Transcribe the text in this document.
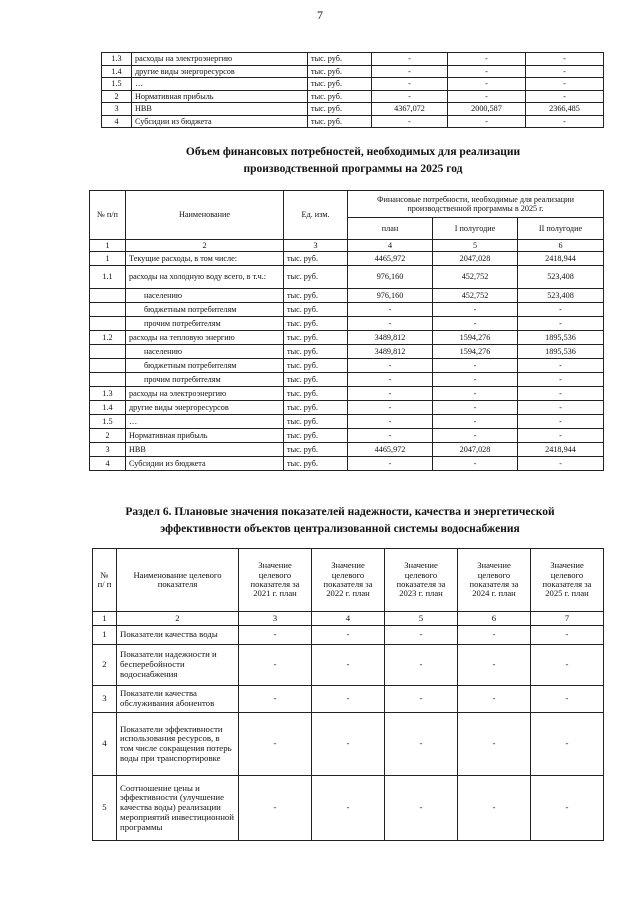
7
1.3	расходы на электроэнергию	тыс. руб.	-	-	-
1.4	другие виды энергоресурсов	тыс. руб.	-	-	-
1.5	…	тыс. руб.	-	-	-
2	Нормативная прибыль	тыс. руб.	-	-	-
3	НВВ	тыс. руб.	4367,072	2000,587	2366,485
4	Субсидии из бюджета	тыс. руб.	-	-	-
Объем финансовых потребностей, необходимых для реализации
производственной программы на 2025 год
№ п/п	Наименование	Ед. изм.	Финансовые потребности, необходимые для реализации производственной программы в 2025 г.		
			план	I полугодие	II полугодие
1	2	3	4	5	6
1	Текущие расходы, в том числе:	тыс. руб.	4465,972	2047,028	2418,944
1.1	расходы на холодную воду всего, в т.ч.:	тыс. руб.	976,160	452,752	523,408
	населению	тыс. руб.	976,160	452,752	523,408
	бюджетным потребителям	тыс. руб.	-	-	-
	прочим потребителям	тыс. руб.	-	-	-
1.2	расходы на тепловую энергию	тыс. руб.	3489,812	1594,276	1895,536
	населению	тыс. руб.	3489,812	1594,276	1895,536
	бюджетным потребителям	тыс. руб.	-	-	-
	прочим потребителям	тыс. руб.	-	-	-
1.3	расходы на электроэнергию	тыс. руб.	-	-	-
1.4	другие виды энергоресурсов	тыс. руб.	-	-	-
1.5	…	тыс. руб.	-	-	-
2	Нормативная прибыль	тыс. руб.	-	-	-
3	НВВ	тыс. руб.	4465,972	2047,028	2418,944
4	Субсидии из бюджета	тыс. руб.	-	-	-
Раздел 6. Плановые значения показателей надежности, качества и энергетической
эффективности объектов централизованной системы водоснабжения
№ п/ п	Наименование целевого показателя	Значение целевого показателя за 2021 г. план	Значение целевого показателя за 2022 г. план	Значение целевого показателя за 2023 г. план	Значение целевого показателя за 2024 г. план	Значение целевого показателя за 2025 г. план
1	2	3	4	5	6	7
1	Показатели качества воды	-	-	-	-	-
2	Показатели надежности и бесперебойности водоснабжения	-	-	-	-	-
3	Показатели качества обслуживания абонентов	-	-	-	-	-
4	Показатели эффективности использования ресурсов, в том числе сокращения потерь воды при транспортировке	-	-	-	-	-
5	Соотношение цены и эффективности (улучшение качества воды) реализации мероприятий инвестиционной программы	-	-	-	-	-
